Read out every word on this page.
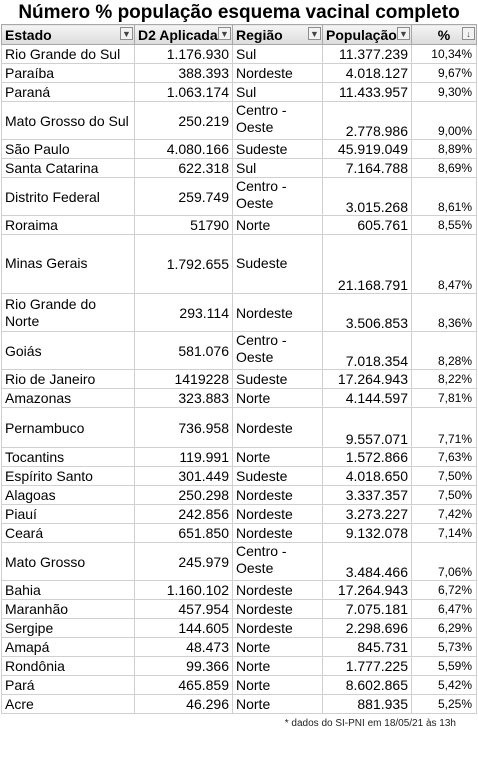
Número % população esquema vacinal completo
Estado ▼	D2 Aplicada ▼	Região ▼	População ▼	% ↓

Rio Grande do Sul	1.176.930	Sul	11.377.239	10,34%
Paraíba	388.393	Nordeste	4.018.127	9,67%
Paraná	1.063.174	Sul	11.433.957	9,30%
Mato Grosso do Sul	250.219	Centro - Oeste	2.778.986	9,00%
São Paulo	4.080.166	Sudeste	45.919.049	8,89%
Santa Catarina	622.318	Sul	7.164.788	8,69%
Distrito Federal	259.749	Centro - Oeste	3.015.268	8,61%
Roraima	51790	Norte	605.761	8,55%
Minas Gerais	1.792.655	Sudeste	21.168.791	8,47%
Rio Grande do Norte	293.114	Nordeste	3.506.853	8,36%
Goiás	581.076	Centro - Oeste	7.018.354	8,28%
Rio de Janeiro	1419228	Sudeste	17.264.943	8,22%
Amazonas	323.883	Norte	4.144.597	7,81%
Pernambuco	736.958	Nordeste	9.557.071	7,71%
Tocantins	119.991	Norte	1.572.866	7,63%
Espírito Santo	301.449	Sudeste	4.018.650	7,50%
Alagoas	250.298	Nordeste	3.337.357	7,50%
Piauí	242.856	Nordeste	3.273.227	7,42%
Ceará	651.850	Nordeste	9.132.078	7,14%
Mato Grosso	245.979	Centro - Oeste	3.484.466	7,06%
Bahia	1.160.102	Nordeste	17.264.943	6,72%
Maranhão	457.954	Nordeste	7.075.181	6,47%
Sergipe	144.605	Nordeste	2.298.696	6,29%
Amapá	48.473	Norte	845.731	5,73%
Rondônia	99.366	Norte	1.777.225	5,59%
Pará	465.859	Norte	8.602.865	5,42%
Acre	46.296	Norte	881.935	5,25%
* dados do SI-PNI em 18/05/21 às 13h
